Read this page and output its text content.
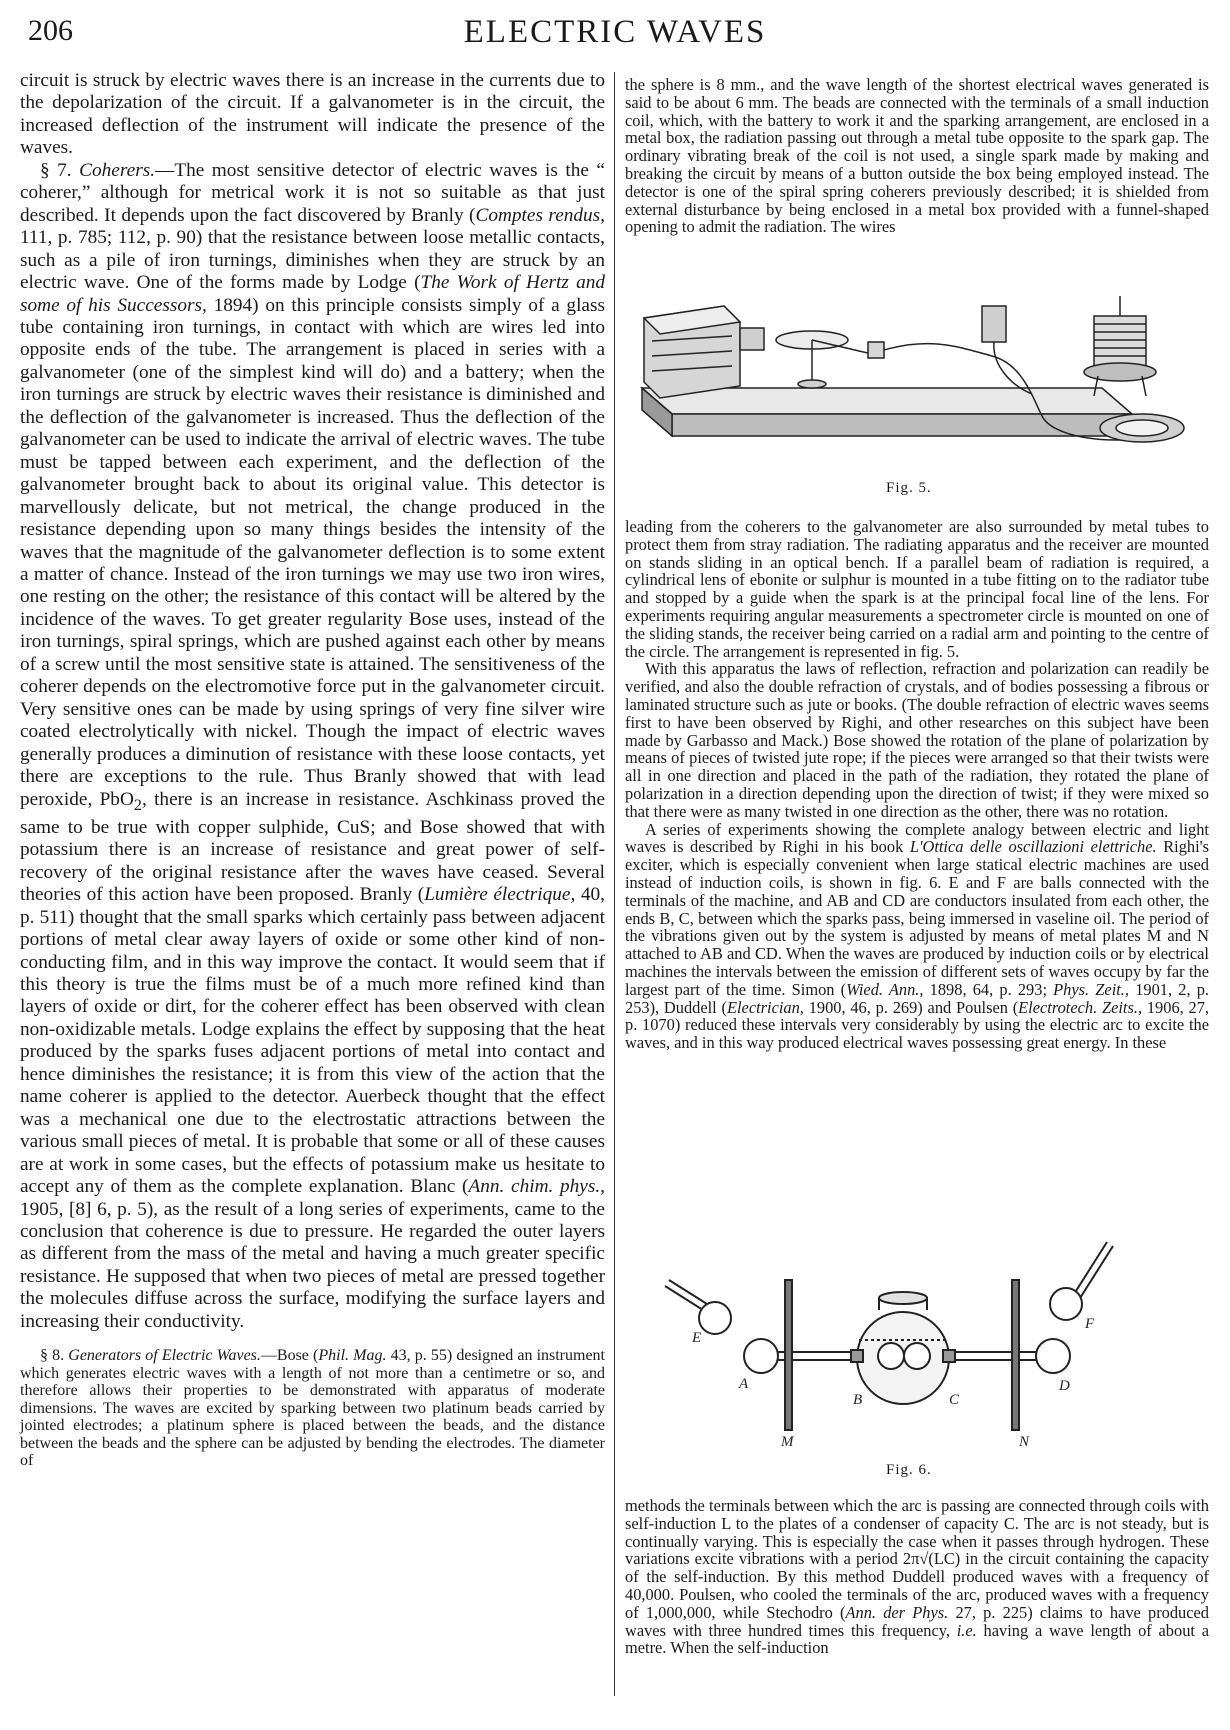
206	ELECTRIC WAVES

circuit is struck by electric waves there is an increase in the currents due to the depolarization of the circuit. If a galvanometer is in the circuit, the increased deflection of the instrument will indicate the presence of the waves.

§ 7. Coherers.—The most sensitive detector of electric waves is the “ coherer,” although for metrical work it is not so suitable as that just described. It depends upon the fact discovered by Branly (Comptes rendus, 111, p. 785; 112, p. 90) that the resistance between loose metallic contacts, such as a pile of iron turnings, diminishes when they are struck by an electric wave. One of the forms made by Lodge (The Work of Hertz and some of his Successors, 1894) on this principle consists simply of a glass tube containing iron turnings, in contact with which are wires led into opposite ends of the tube. The arrangement is placed in series with a galvanometer (one of the simplest kind will do) and a battery; when the iron turnings are struck by electric waves their resistance is diminished and the deflection of the galvanometer is increased. Thus the deflection of the galvanometer can be used to indicate the arrival of electric waves. The tube must be tapped between each experiment, and the deflection of the galvanometer brought back to about its original value. This detector is marvellously delicate, but not metrical, the change produced in the resistance depending upon so many things besides the intensity of the waves that the magnitude of the galvanometer deflection is to some extent a matter of chance. Instead of the iron turnings we may use two iron wires, one resting on the other; the resistance of this contact will be altered by the incidence of the waves. To get greater regularity Bose uses, instead of the iron turnings, spiral springs, which are pushed against each other by means of a screw until the most sensitive state is attained. The sensitiveness of the coherer depends on the electromotive force put in the galvanometer circuit. Very sensitive ones can be made by using springs of very fine silver wire coated electrolytically with nickel. Though the impact of electric waves generally produces a diminution of resistance with these loose contacts, yet there are exceptions to the rule. Thus Branly showed that with lead peroxide, PbO$_2$, there is an increase in resistance. Aschkinass proved the same to be true with copper sulphide, CuS; and Bose showed that with potassium there is an increase of resistance and great power of self-recovery of the original resistance after the waves have ceased. Several theories of this action have been proposed. Branly (Lumière électrique, 40, p. 511) thought that the small sparks which certainly pass between adjacent portions of metal clear away layers of oxide or some other kind of non-conducting film, and in this way improve the contact. It would seem that if this theory is true the films must be of a much more refined kind than layers of oxide or dirt, for the coherer effect has been observed with clean non-oxidizable metals. Lodge explains the effect by supposing that the heat produced by the sparks fuses adjacent portions of metal into contact and hence diminishes the resistance; it is from this view of the action that the name coherer is applied to the detector. Auerbeck thought that the effect was a mechanical one due to the electrostatic attractions between the various small pieces of metal. It is probable that some or all of these causes are at work in some cases, but the effects of potassium make us hesitate to accept any of them as the complete explanation. Blanc (Ann. chim. phys., 1905, [8] 6, p. 5), as the result of a long series of experiments, came to the conclusion that coherence is due to pressure. He regarded the outer layers as different from the mass of the metal and having a much greater specific resistance. He supposed that when two pieces of metal are pressed together the molecules diffuse across the surface, modifying the surface layers and increasing their conductivity.

§ 8. Generators of Electric Waves.—Bose (Phil. Mag. 43, p. 55) designed an instrument which generates electric waves with a length of not more than a centimetre or so, and therefore allows their properties to be demonstrated with apparatus of moderate dimensions. The waves are excited by sparking between two platinum beads carried by jointed electrodes; a platinum sphere is placed between the beads, and the distance between the beads and the sphere can be adjusted by bending the electrodes. The diameter of

the sphere is 8 mm., and the wave length of the shortest electrical waves generated is said to be about 6 mm. The beads are connected with the terminals of a small induction coil, which, with the battery to work it and the sparking arrangement, are enclosed in a metal box, the radiation passing out through a metal tube opposite to the spark gap. The ordinary vibrating break of the coil is not used, a single spark made by making and breaking the circuit by means of a button outside the box being employed instead. The detector is one of the spiral spring coherers previously described; it is shielded from external disturbance by being enclosed in a metal box provided with a funnel-shaped opening to admit the radiation. The wires

Fig. 5.

leading from the coherers to the galvanometer are also surrounded by metal tubes to protect them from stray radiation. The radiating apparatus and the receiver are mounted on stands sliding in an optical bench. If a parallel beam of radiation is required, a cylindrical lens of ebonite or sulphur is mounted in a tube fitting on to the radiator tube and stopped by a guide when the spark is at the principal focal line of the lens. For experiments requiring angular measurements a spectrometer circle is mounted on one of the sliding stands, the receiver being carried on a radial arm and pointing to the centre of the circle. The arrangement is represented in fig. 5.

With this apparatus the laws of reflection, refraction and polarization can readily be verified, and also the double refraction of crystals, and of bodies possessing a fibrous or laminated structure such as jute or books. (The double refraction of electric waves seems first to have been observed by Righi, and other researches on this subject have been made by Garbasso and Mack.) Bose showed the rotation of the plane of polarization by means of pieces of twisted jute rope; if the pieces were arranged so that their twists were all in one direction and placed in the path of the radiation, they rotated the plane of polarization in a direction depending upon the direction of twist; if they were mixed so that there were as many twisted in one direction as the other, there was no rotation.

A series of experiments showing the complete analogy between electric and light waves is described by Righi in his book L'Ottica delle oscillazioni elettriche. Righi's exciter, which is especially convenient when large statical electric machines are used instead of induction coils, is shown in fig. 6. E and F are balls connected with the terminals of the machine, and AB and CD are conductors insulated from each other, the ends B, C, between which the sparks pass, being immersed in vaseline oil. The period of the vibrations given out by the system is adjusted by means of metal plates M and N attached to AB and CD. When the waves are produced by induction coils or by electrical machines the intervals between the emission of different sets of waves occupy by far the largest part of the time. Simon (Wied. Ann., 1898, 64, p. 293; Phys. Zeit., 1901, 2, p. 253), Duddell (Electrician, 1900, 46, p. 269) and Poulsen (Electrotech. Zeits., 1906, 27, p. 1070) reduced these intervals very considerably by using the electric arc to excite the waves, and in this way produced electrical waves possessing great energy. In these

E
F
A
B	C
D
M	N
Fig. 6.

methods the terminals between which the arc is passing are connected through coils with self-induction L to the plates of a condenser of capacity C. The arc is not steady, but is continually varying. This is especially the case when it passes through hydrogen. These variations excite vibrations with a period 2π√(LC) in the circuit containing the capacity of the self-induction. By this method Duddell produced waves with a frequency of 40,000. Poulsen, who cooled the terminals of the arc, produced waves with a frequency of 1,000,000, while Stechodro (Ann. der Phys. 27, p. 225) claims to have produced waves with three hundred times this frequency, i.e. having a wave length of about a metre. When the self-induction
